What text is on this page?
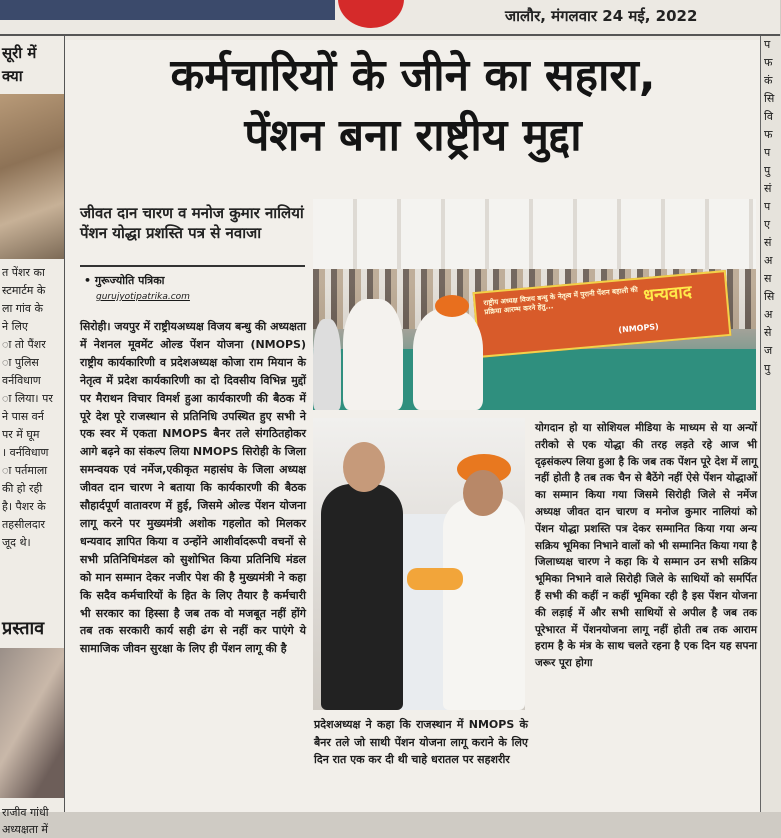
जालौर, मंगलवार 24 मई, 2022
सूरी में
क्या
त पेंशर का
स्टमार्टम के
ला गांव के
ने लिए
ा तो पैंशर
ा पुलिस
वर्नविधाण
ा लिया। पर
ने पास वर्न
पर में घूम
। वर्नविधाण
ा पर्तमाला
की हो रही
है। पैशर के
तहसीलदार
जूद थे।
प्रस्ताव
राजीव गांधी
अध्यक्षता में
प
फ
कं
सि
वि
फ
प
पु
सं
प
ए
सं
अ
स
सि
अ
से
ज
पु
कर्मचारियों के जीने का सहारा,
पेंशन बना राष्ट्रीय मुद्दा
जीवत दान चारण व मनोज कुमार नालियां पेंशन योद्धा प्रशस्ति पत्र से नवाजा
• गुरूज्योति पत्रिका
gurujyotipatrika.com
सिरोही। जयपुर में राष्ट्रीयअध्यक्ष विजय बन्धु की अध्यक्षता में नेशनल मूवमेंट ओल्ड पेंशन योजना (NMOPS) राष्ट्रीय कार्यकारिणी व प्रदेशअध्यक्ष कोजा राम मियान के नेतृत्व में प्रदेश कार्यकारिणी का दो दिवसीय विभिन्न मुद्दों पर मैराथन विचार विमर्श हुआ कार्यकारणी की बैठक में पूरे देश पूरे राजस्थान से प्रतिनिधि उपस्थित हुए सभी ने एक स्वर में एकता NMOPS बैनर तले संगठितहोकर आगे बढ़ने का संकल्प लिया NMOPS सिरोही के जिला समन्वयक एवं नर्मेज,एकीकृत महासंघ के जिला अध्यक्ष जीवत दान चारण ने बताया कि कार्यकारणी की बैठक सौहार्दपूर्ण वातावरण में हुई, जिसमे ओल्ड पेंशन योजना लागू करने पर मुख्यमंत्री अशोक गहलोत को मिलकर धन्यवाद ज्ञापित किया व उन्होंने आशीर्वादरूपी वचनों से सभी प्रतिनिधिमंडल को सुशोभित किया प्रतिनिधि मंडल को मान सम्मान देकर नजीर पेश की है मुख्यमंत्री ने कहा कि सदैव कर्मचारियों के हित के लिए तैयार है कर्मचारी भी सरकार का हिस्सा है जब तक वो मजबूत नहीं होंगे तब तक सरकारी कार्य सही ढंग से नहीं कर पाएंगे ये सामाजिक जीवन सुरक्षा के लिए ही पेंशन लागू की है
प्रदेशअध्यक्ष ने कहा कि राजस्थान में NMOPS के बैनर तले जो साथी पेंशन योजना लागू कराने के लिए दिन रात एक कर दी थी चाहे धरातल पर सहशरीर
योगदान हो या सोशियल मीडिया के माध्यम से या अन्यों तरीको से एक योद्धा की तरह लड़ते रहे आज भी दृढ़संकल्प लिया हुआ है कि जब तक पेंशन पूरे देश में लागू नहीं होती है तब तक चैन से बैठेंगे नहीं ऐसे पेंशन योद्धाओं का सम्मान किया गया जिसमे सिरोही जिले से नर्मेज अध्यक्ष जीवत दान चारण व मनोज कुमार नालियां को पेंशन योद्धा प्रशस्ति पत्र देकर सम्मानित किया गया अन्य सक्रिय भूमिका निभाने वालों को भी सम्मानित किया गया है जिलाध्यक्ष चारण ने कहा कि ये सम्मान उन सभी सक्रिय भूमिका निभाने वाले सिरोही जिले के साथियों को समर्पित हैं सभी की कहीं न कहीं भूमिका रही है इस पेंशन योजना की लड़ाई में और सभी साथियों से अपील है जब तक पूरेभारत में पेंशनयोजना लागू नहीं होती तब तक आराम हराम है के मंत्र के साथ चलते रहना है एक दिन यह सपना जरूर पूरा होगा
राष्ट्रीय अध्यक्ष विजय बन्धु के नेतृत्व में पुरानी पेंशन बहाली की प्रक्रिया आरम्भ करने हेतु...
धन्यवाद
(NMOPS)
